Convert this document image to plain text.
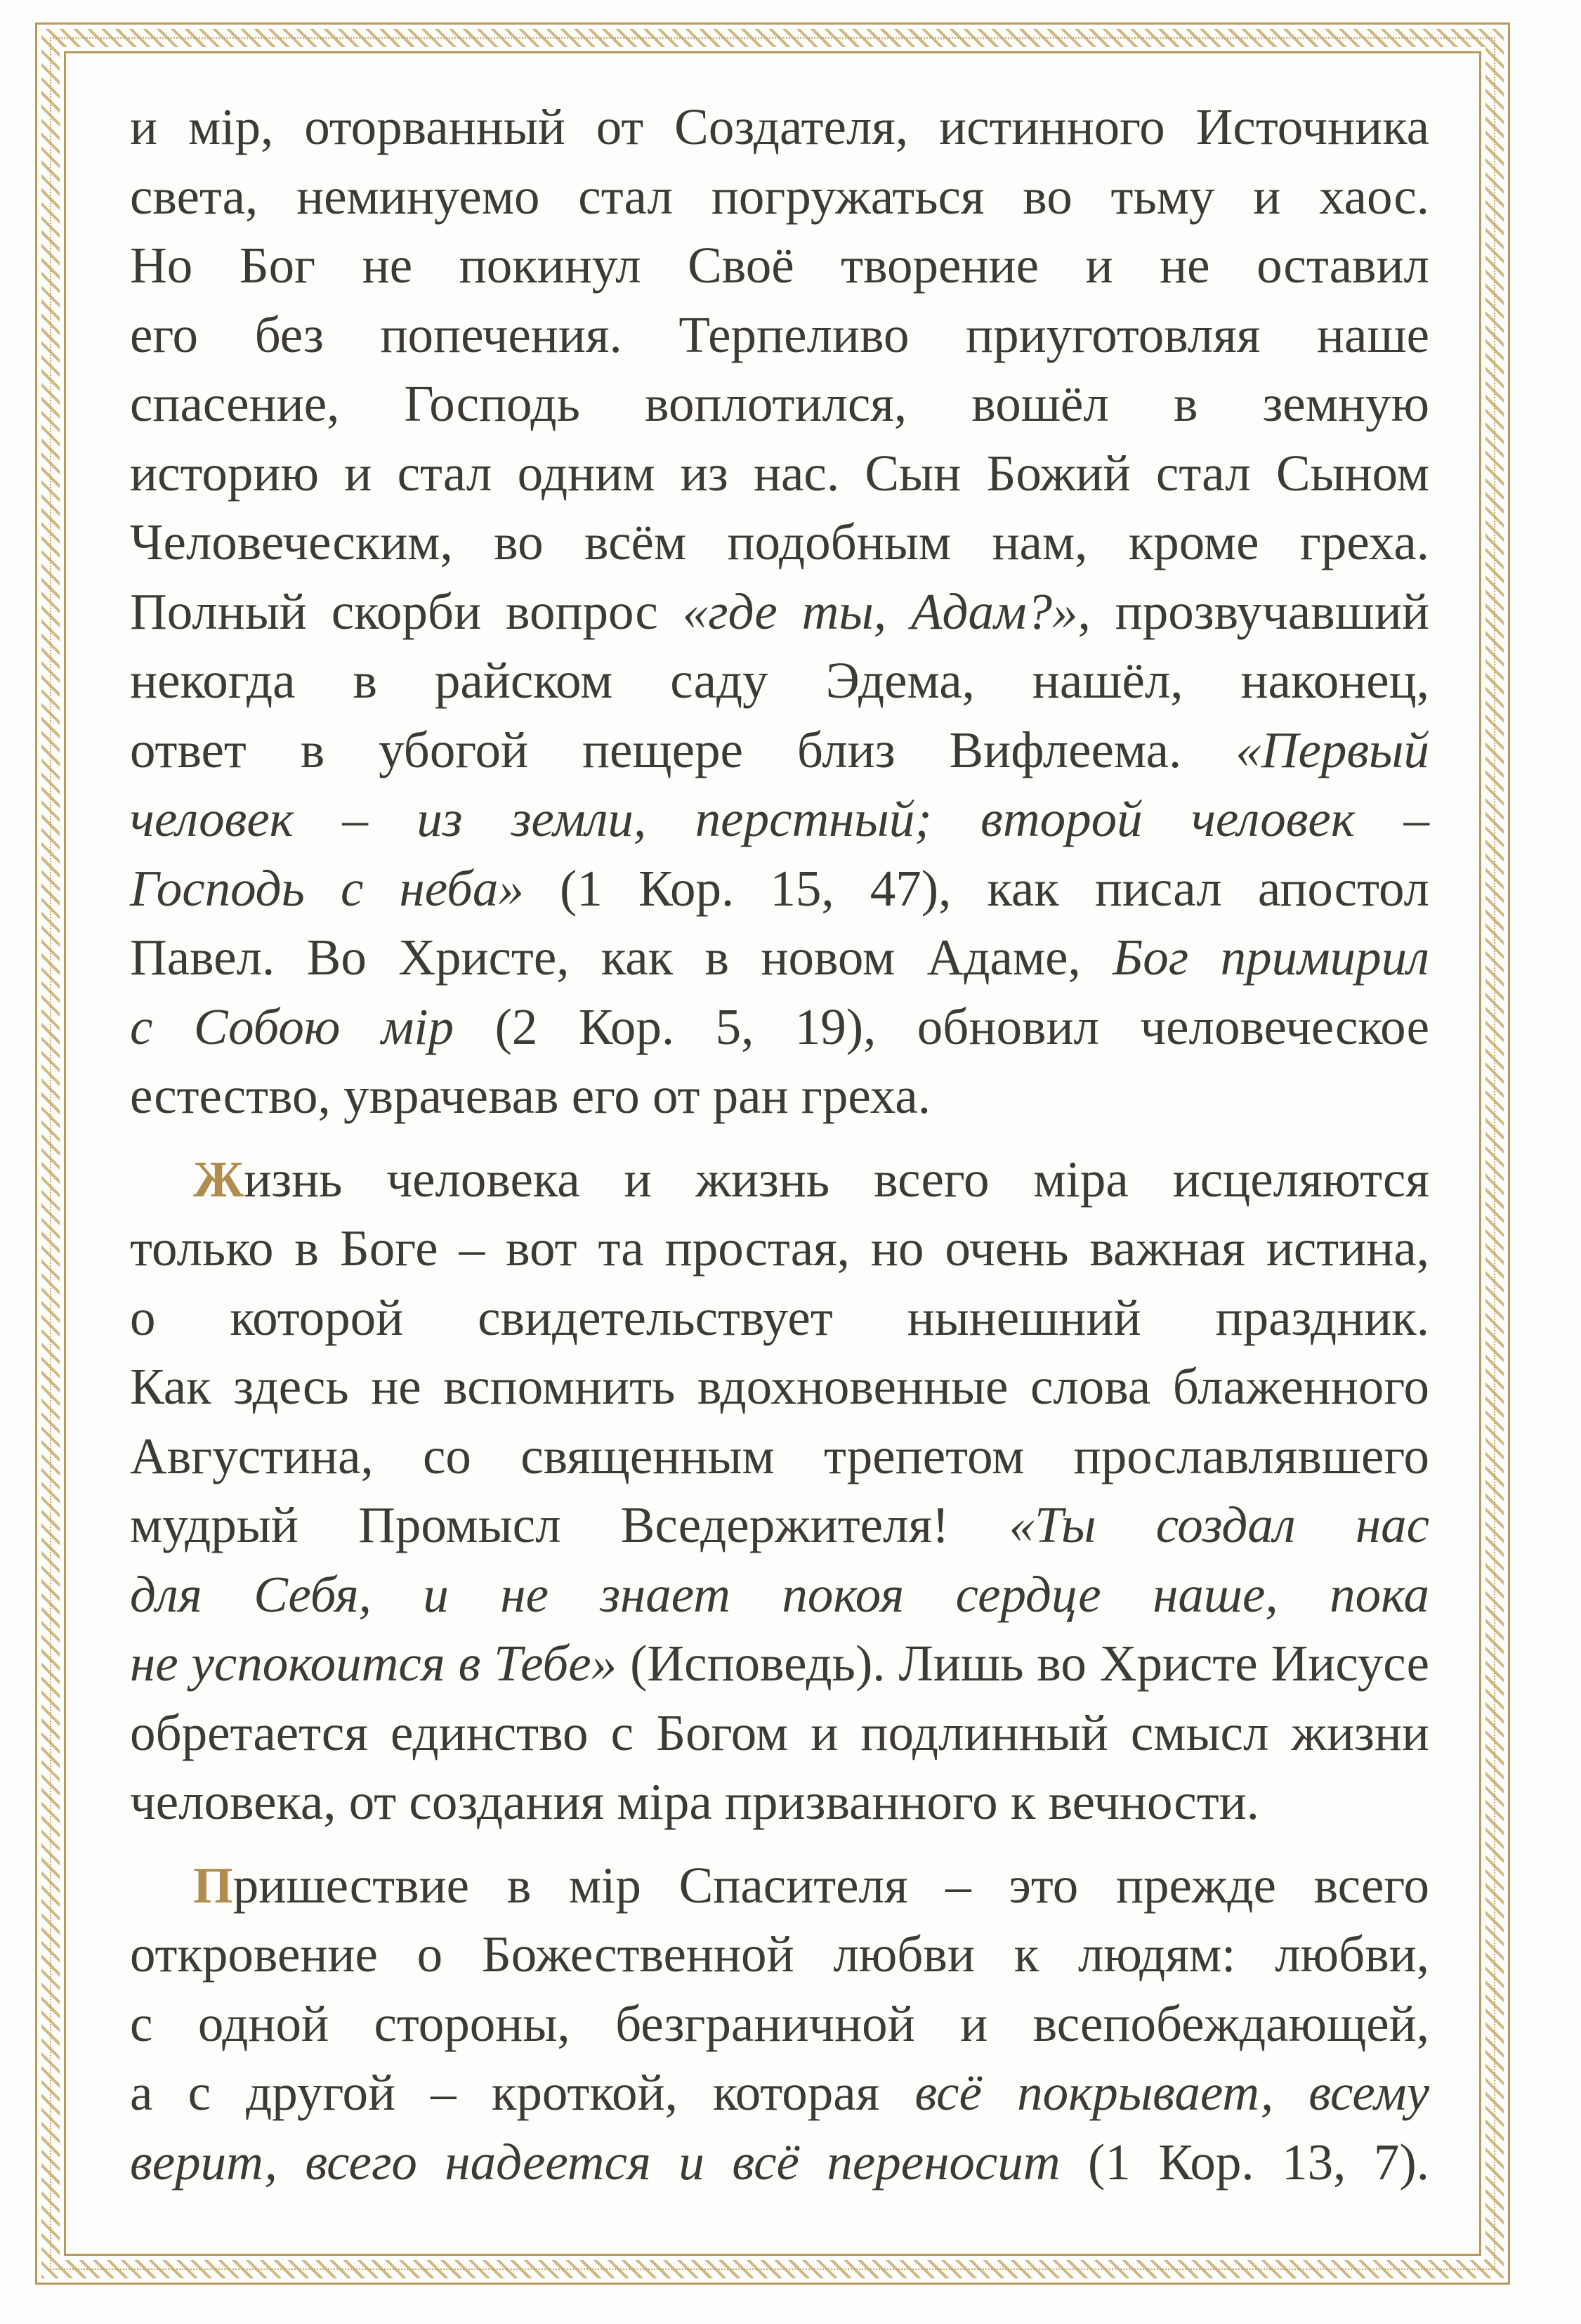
и мiр, оторванный от Создателя, истинного Источника
света, неминуемо стал погружаться во тьму и хаос.
Но Бог не покинул Своё творение и не оставил
его без попечения. Терпеливо приуготовляя наше
спасение, Господь воплотился, вошёл в земную
историю и стал одним из нас. Сын Божий стал Сыном
Человеческим, во всём подобным нам, кроме греха.
Полный скорби вопрос «где ты, Адам?», прозвучавший
некогда в райском саду Эдема, нашёл, наконец,
ответ в убогой пещере близ Вифлеема. «Первый
человек – из земли, перстный; второй человек –
Господь с неба» (1 Кор. 15, 47), как писал апостол
Павел. Во Христе, как в новом Адаме, Бог примирил
с Собою мiр (2 Кор. 5, 19), обновил человеческое
естество, уврачевав его от ран греха.
Жизнь человека и жизнь всего мiра исцеляются
только в Боге – вот та простая, но очень важная истина,
о которой свидетельствует нынешний праздник.
Как здесь не вспомнить вдохновенные слова блаженного
Августина, со священным трепетом прославлявшего
мудрый Промысл Вседержителя! «Ты создал нас
для Себя, и не знает покоя сердце наше, пока
не успокоится в Тебе» (Исповедь). Лишь во Христе Иисусе
обретается единство с Богом и подлинный смысл жизни
человека, от создания мiра призванного к вечности.
Пришествие в мiр Спасителя – это прежде всего
откровение о Божественной любви к людям: любви,
с одной стороны, безграничной и всепобеждающей,
а с другой – кроткой, которая всё покрывает, всему
верит, всего надеется и всё переносит (1 Кор. 13, 7).
